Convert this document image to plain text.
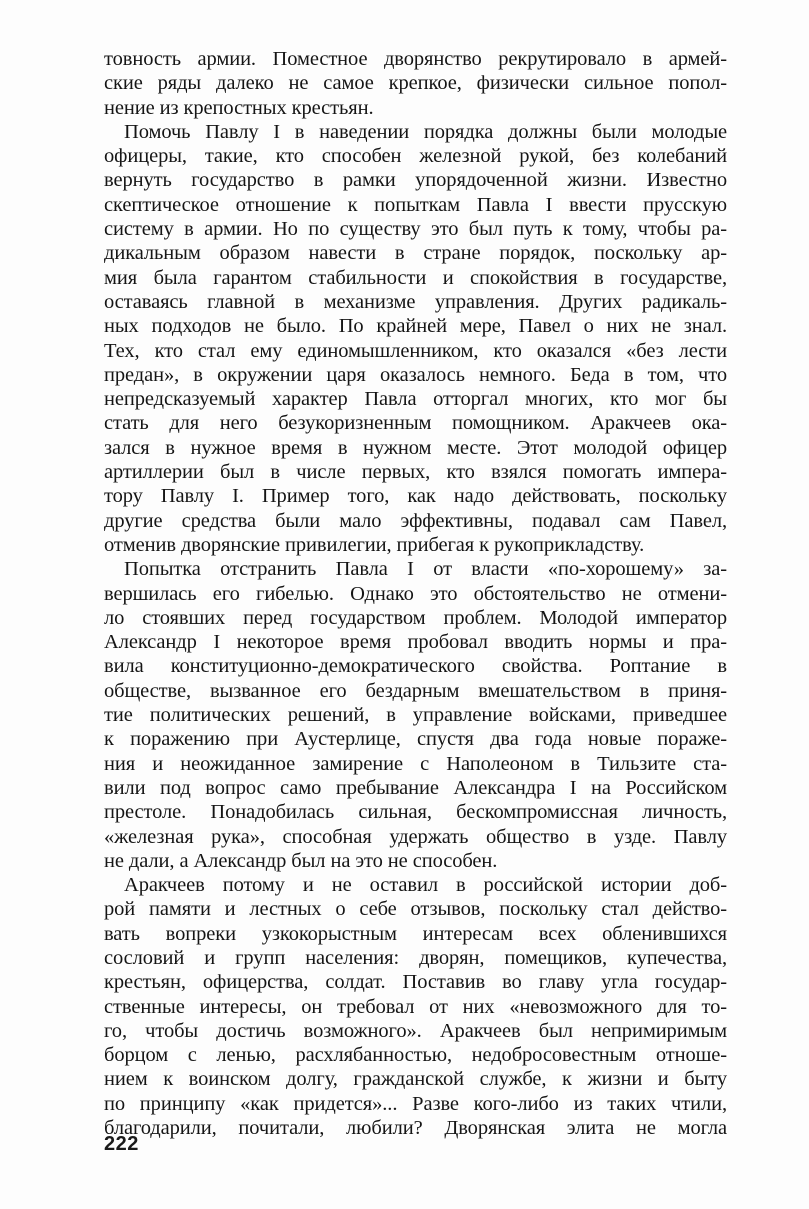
товность армии. Поместное дворянство рекрутировало в армей-
ские ряды далеко не самое крепкое, физически сильное попол-
нение из крепостных крестьян.
Помочь Павлу I в наведении порядка должны были молодые
офицеры, такие, кто способен железной рукой, без колебаний
вернуть государство в рамки упорядоченной жизни. Известно
скептическое отношение к попыткам Павла I ввести прусскую
систему в армии. Но по существу это был путь к тому, чтобы ра-
дикальным образом навести в стране порядок, поскольку ар-
мия была гарантом стабильности и спокойствия в государстве,
оставаясь главной в механизме управления. Других радикаль-
ных подходов не было. По крайней мере, Павел о них не знал.
Тех, кто стал ему единомышленником, кто оказался «без лести
предан», в окружении царя оказалось немного. Беда в том, что
непредсказуемый характер Павла отторгал многих, кто мог бы
стать для него безукоризненным помощником. Аракчеев ока-
зался в нужное время в нужном месте. Этот молодой офицер
артиллерии был в числе первых, кто взялся помогать импера-
тору Павлу I. Пример того, как надо действовать, поскольку
другие средства были мало эффективны, подавал сам Павел,
отменив дворянские привилегии, прибегая к рукоприкладству.
Попытка отстранить Павла I от власти «по-хорошему» за-
вершилась его гибелью. Однако это обстоятельство не отмени-
ло стоявших перед государством проблем. Молодой император
Александр I некоторое время пробовал вводить нормы и пра-
вила конституционно-демократического свойства. Роптание в
обществе, вызванное его бездарным вмешательством в приня-
тие политических решений, в управление войсками, приведшее
к поражению при Аустерлице, спустя два года новые пораже-
ния и неожиданное замирение с Наполеоном в Тильзите ста-
вили под вопрос само пребывание Александра I на Российском
престоле. Понадобилась сильная, бескомпромиссная личность,
«железная рука», способная удержать общество в узде. Павлу
не дали, а Александр был на это не способен.
Аракчеев потому и не оставил в российской истории доб-
рой памяти и лестных о себе отзывов, поскольку стал действо-
вать вопреки узкокорыстным интересам всех обленившихся
сословий и групп населения: дворян, помещиков, купечества,
крестьян, офицерства, солдат. Поставив во главу угла государ-
ственные интересы, он требовал от них «невозможного для то-
го, чтобы достичь возможного». Аракчеев был непримиримым
борцом с ленью, расхлябанностью, недобросовестным отноше-
нием к воинском долгу, гражданской службе, к жизни и быту
по принципу «как придется»... Разве кого-либо из таких чтили,
благодарили, почитали, любили? Дворянская элита не могла
222
